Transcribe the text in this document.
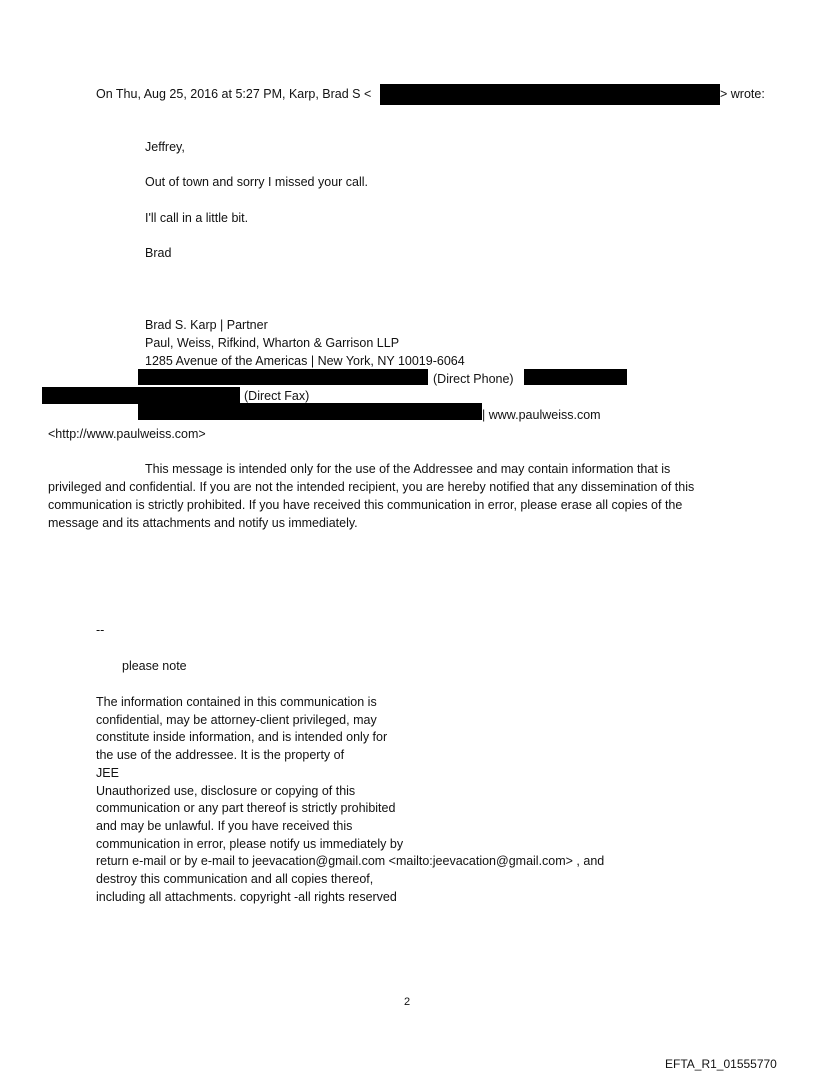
On Thu, Aug 25, 2016 at 5:27 PM, Karp, Brad S <	> wrote:
Jeffrey,
Out of town and sorry I missed your call.
I'll call in a little bit.
Brad
Brad S. Karp | Partner
Paul, Weiss, Rifkind, Wharton & Garrison LLP
1285 Avenue of the Americas | New York, NY 10019-6064
(Direct Phone)
(Direct Fax)
| www.paulweiss.com
<http://www.paulweiss.com>
This message is intended only for the use of the Addressee and may contain information that is
privileged and confidential. If you are not the intended recipient, you are hereby notified that any dissemination of this
communication is strictly prohibited. If you have received this communication in error, please erase all copies of the
message and its attachments and notify us immediately.
--
please note
The information contained in this communication is
confidential, may be attorney-client privileged, may
constitute inside information, and is intended only for
the use of the addressee. It is the property of
JEE
Unauthorized use, disclosure or copying of this
communication or any part thereof is strictly prohibited
and may be unlawful. If you have received this
communication in error, please notify us immediately by
return e-mail or by e-mail to jeevacation@gmail.com <mailto:jeevacation@gmail.com> , and
destroy this communication and all copies thereof,
including all attachments. copyright -all rights reserved
2
EFTA_R1_01555770
